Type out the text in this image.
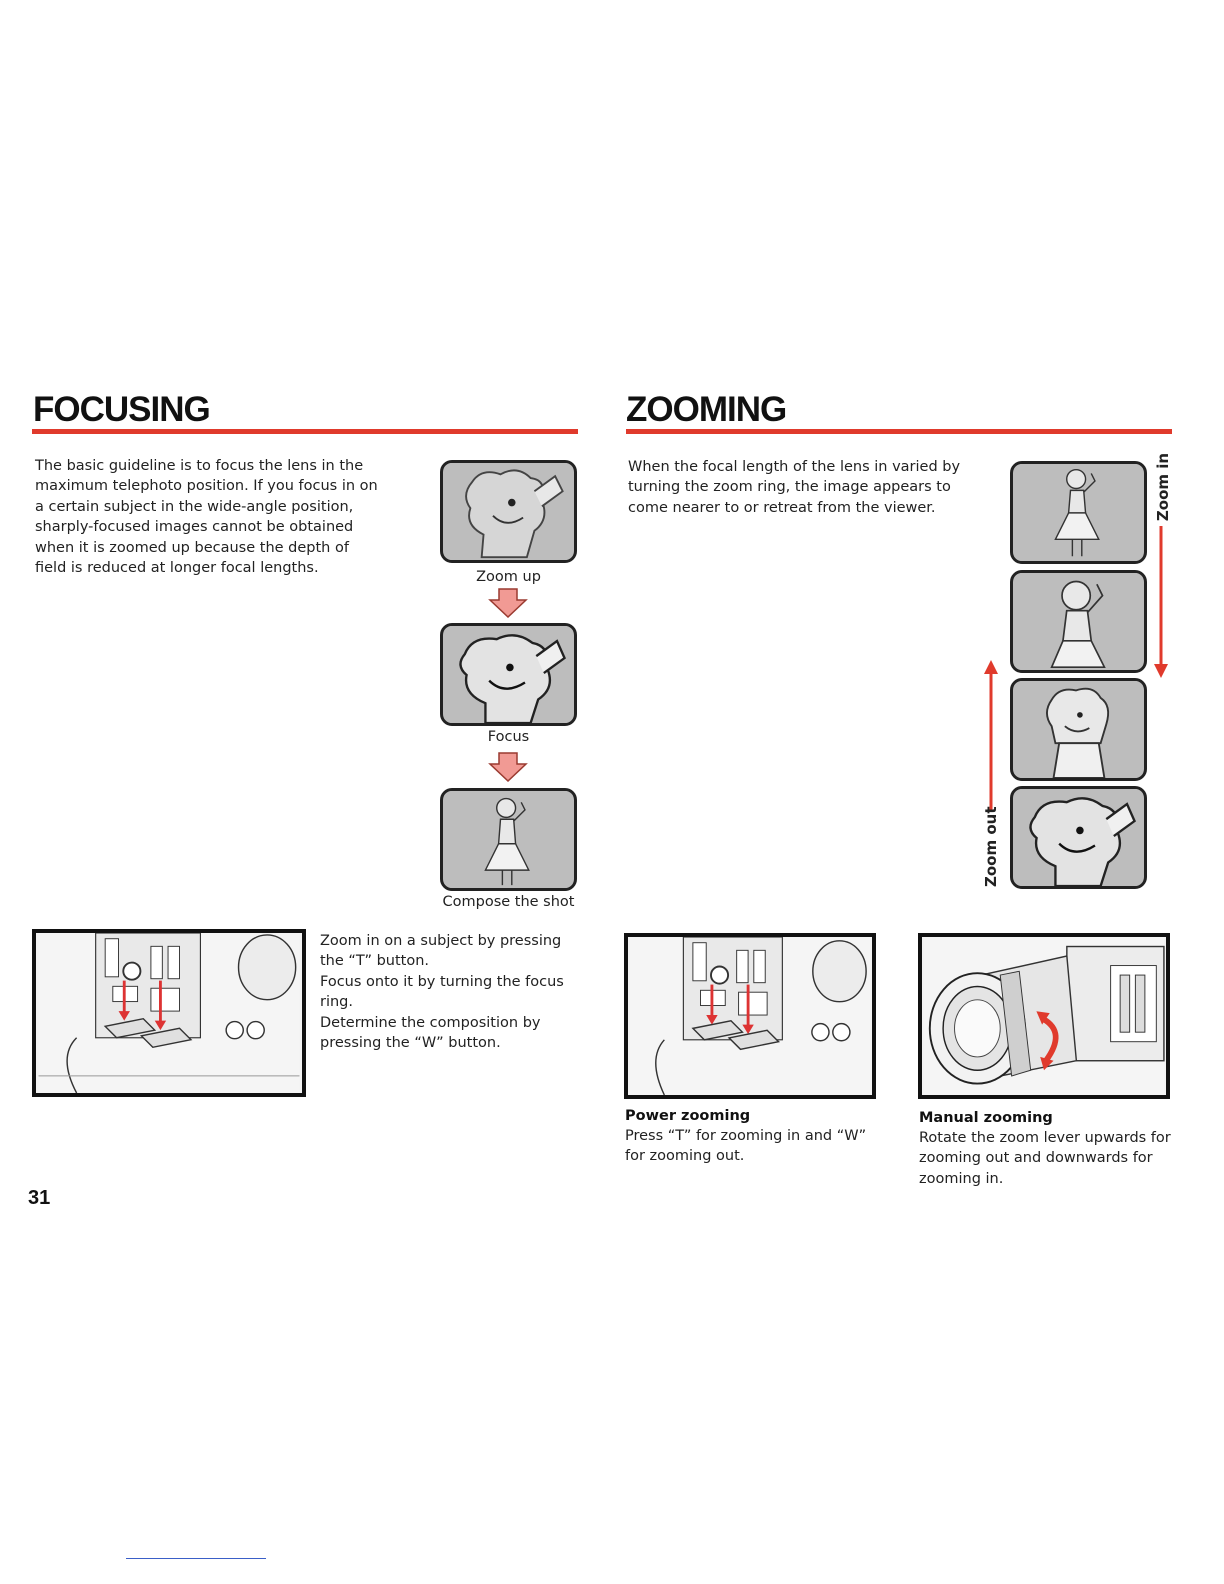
FOCUSING

The basic guideline is to focus the lens in the maximum telephoto position. If you focus in on a certain subject in the wide-angle position, sharply-focused images cannot be obtained when it is zoomed up because the depth of field is reduced at longer focal lengths.

Zoom up

Focus

Compose the shot

Zoom in on a subject by pressing the “T” button.

Focus onto it by turning the focus ring.

Determine the composition by pressing the “W” button.

31
ZOOMING

When the focal length of the lens in varied by turning the zoom ring, the image appears to come nearer to or retreat from the viewer.	Zoom in
Zoom out

Power zooming

Press “T” for zooming in and “W” for zooming out.

Manual zooming

Rotate the zoom lever upwards for zooming out and downwards for zooming in.
